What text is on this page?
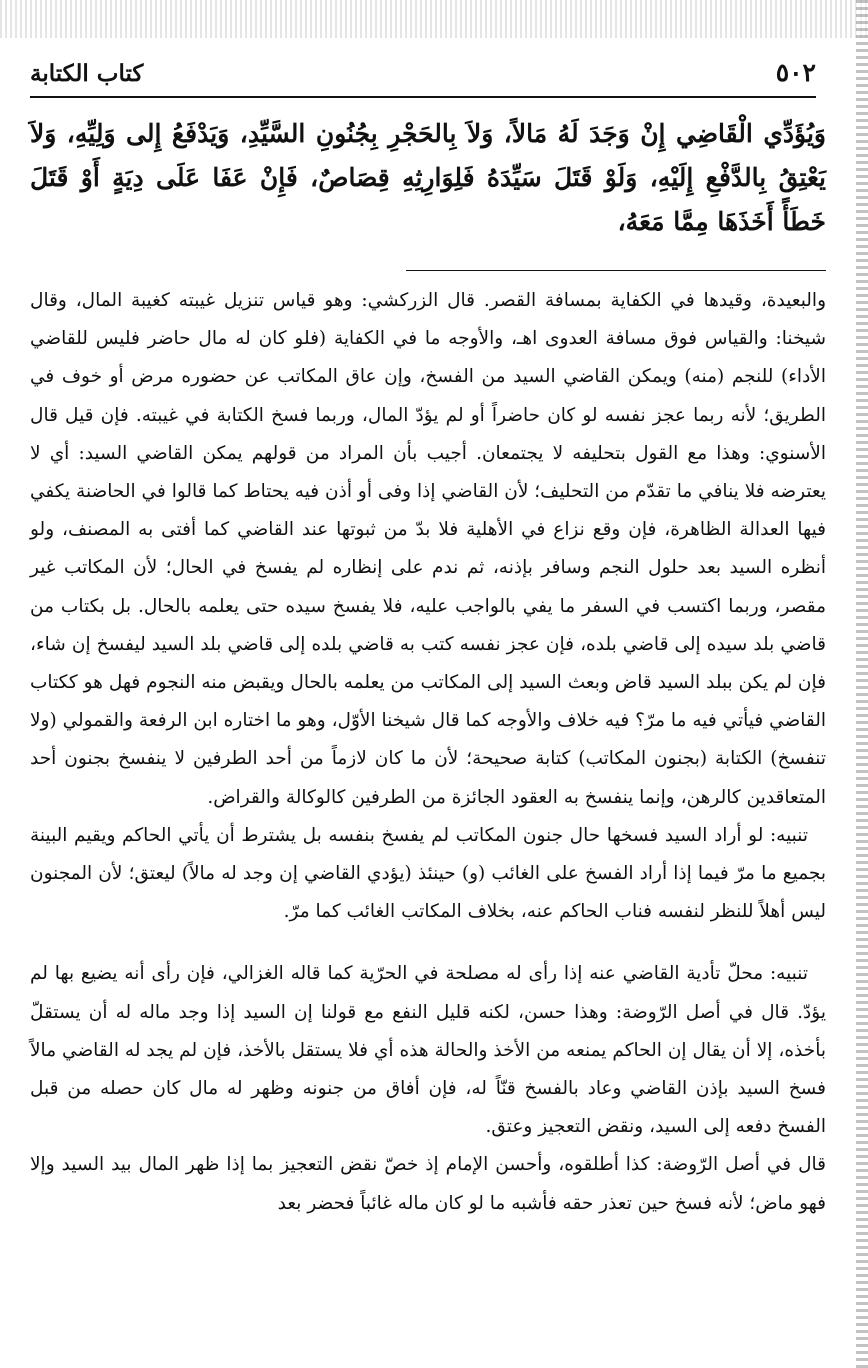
٥٠٢
كتاب الكتابة
وَيُؤَدِّي الْقَاضِي إِنْ وَجَدَ لَهُ مَالاً، وَلاَ بِالحَجْرِ بِجُنُونِ السَّيِّدِ، وَيَدْفَعُ إِلى وَلِيِّهِ، وَلاَ يَعْتِقُ بِالدَّفْعِ إِلَيْهِ، وَلَوْ قَتَلَ سَيِّدَهُ فَلِوَارِثِهِ قِصَاصٌ، فَإِنْ عَفَا عَلَى دِيَةٍ أَوْ قَتَلَ خَطَأً أَخَذَهَا مِمَّا مَعَهُ،

والبعيدة، وقيدها في الكفاية بمسافة القصر. قال الزركشي: وهو قياس تنزيل غيبته كغيبة المال، وقال شيخنا: والقياس فوق مسافة العدوى اهـ، والأوجه ما في الكفاية (فلو كان له مال حاضر فليس للقاضي الأداء) للنجم (منه) ويمكن القاضي السيد من الفسخ، وإن عاق المكاتب عن حضوره مرض أو خوف في الطريق؛ لأنه ربما عجز نفسه لو كان حاضراً أو لم يؤدّ المال، وربما فسخ الكتابة في غيبته. فإن قيل قال الأسنوي: وهذا مع القول بتحليفه لا يجتمعان. أجيب بأن المراد من قولهم يمكن القاضي السيد: أي لا يعترضه فلا ينافي ما تقدّم من التحليف؛ لأن القاضي إذا وفى أو أذن فيه يحتاط كما قالوا في الحاضنة يكفي فيها العدالة الظاهرة، فإن وقع نزاع في الأهلية فلا بدّ من ثبوتها عند القاضي كما أفتى به المصنف، ولو أنظره السيد بعد حلول النجم وسافر بإذنه، ثم ندم على إنظاره لم يفسخ في الحال؛ لأن المكاتب غير مقصر، وربما اكتسب في السفر ما يفي بالواجب عليه، فلا يفسخ سيده حتى يعلمه بالحال. بل بكتاب من قاضي بلد سيده إلى قاضي بلده، فإن عجز نفسه كتب به قاضي بلده إلى قاضي بلد السيد ليفسخ إن شاء، فإن لم يكن ببلد السيد قاض وبعث السيد إلى المكاتب من يعلمه بالحال ويقبض منه النجوم فهل هو ككتاب القاضي فيأتي فيه ما مرّ؟ فيه خلاف والأوجه كما قال شيخنا الأوّل، وهو ما اختاره ابن الرفعة والقمولي (ولا تنفسخ) الكتابة (بجنون المكاتب) كتابة صحيحة؛ لأن ما كان لازماً من أحد الطرفين لا ينفسخ بجنون أحد المتعاقدين كالرهن، وإنما ينفسخ به العقود الجائزة من الطرفين كالوكالة والقراض.

تنبيه: لو أراد السيد فسخها حال جنون المكاتب لم يفسخ بنفسه بل يشترط أن يأتي الحاكم ويقيم البينة بجميع ما مرّ فيما إذا أراد الفسخ على الغائب (و) حينئذ (يؤدي القاضي إن وجد له مالاً) ليعتق؛ لأن المجنون ليس أهلاً للنظر لنفسه فناب الحاكم عنه، بخلاف المكاتب الغائب كما مرّ.

تنبيه: محلّ تأدية القاضي عنه إذا رأى له مصلحة في الحرّية كما قاله الغزالي، فإن رأى أنه يضيع بها لم يؤدّ. قال في أصل الرّوضة: وهذا حسن، لكنه قليل النفع مع قولنا إن السيد إذا وجد ماله له أن يستقلّ بأخذه، إلا أن يقال إن الحاكم يمنعه من الأخذ والحالة هذه أي فلا يستقل بالأخذ، فإن لم يجد له القاضي مالاً فسخ السيد بإذن القاضي وعاد بالفسخ قنّاً له، فإن أفاق من جنونه وظهر له مال كان حصله من قبل الفسخ دفعه إلى السيد، ونقض التعجيز وعتق.

قال في أصل الرّوضة: كذا أطلقوه، وأحسن الإمام إذ خصّ نقض التعجيز بما إذا ظهر المال بيد السيد وإلا فهو ماض؛ لأنه فسخ حين تعذر حقه فأشبه ما لو كان ماله غائباً فحضر بعد
